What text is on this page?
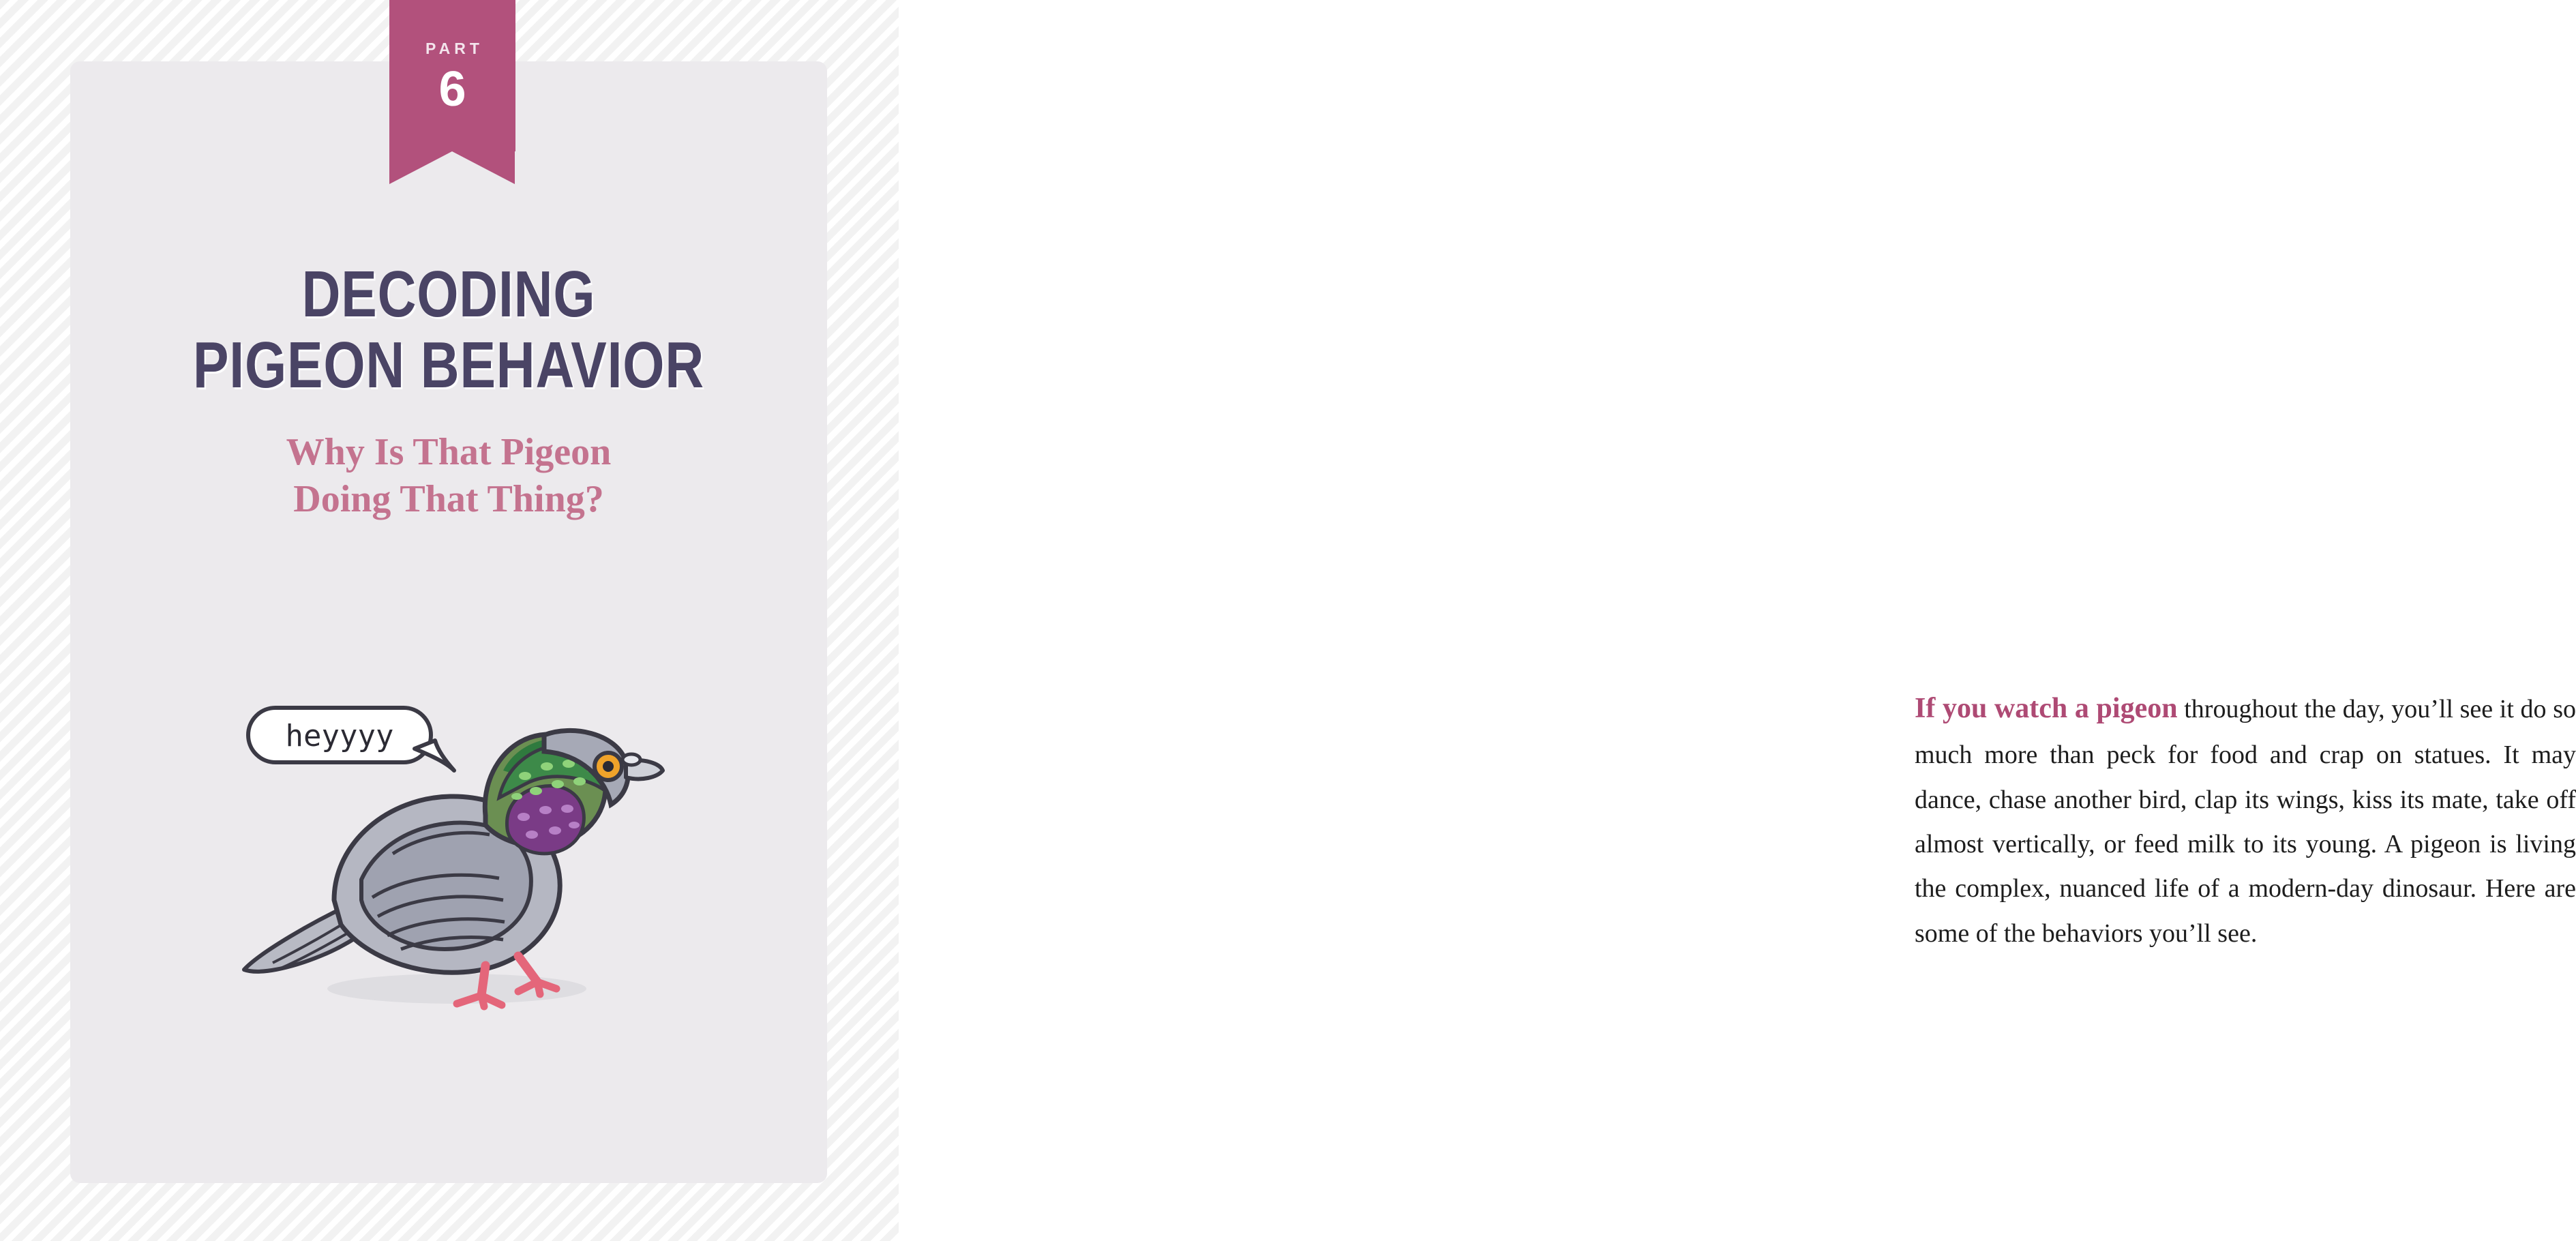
PART
6
DECODING
PIGEON BEHAVIOR
Why Is That Pigeon
Doing That Thing?
heyyyy

If you watch a pigeon throughout the day, you’ll see it do so much more than peck for food and crap on statues. It may dance, chase another bird, clap its wings, kiss its mate, take off almost vertically, or feed milk to its young. A pigeon is living the complex, nuanced life of a modern-day dinosaur. Here are some of the behaviors you’ll see.
